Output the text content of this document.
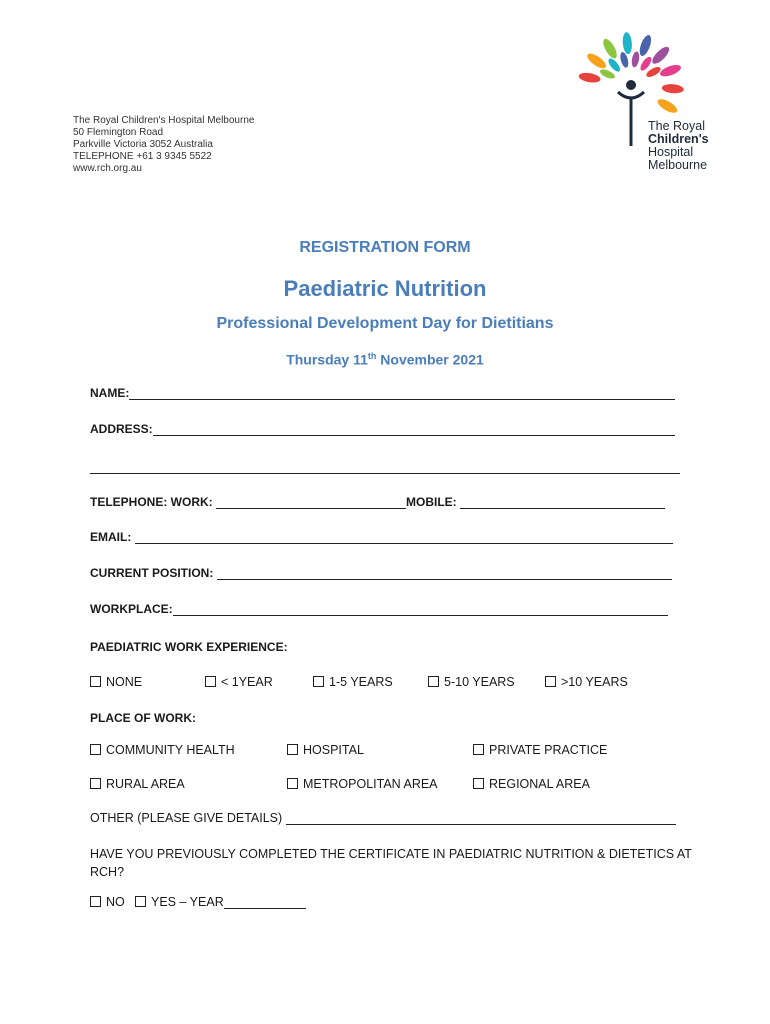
The Royal Children's Hospital Melbourne
50 Flemington Road
Parkville Victoria 3052 Australia
TELEPHONE +61 3 9345 5522
www.rch.org.au
The Royal
Children's
Hospital
Melbourne
REGISTRATION FORM
Paediatric Nutrition
Professional Development Day for Dietitians
Thursday 11th November 2021
NAME:
ADDRESS:
TELEPHONE: WORK:	MOBILE:
EMAIL:
CURRENT POSITION:
WORKPLACE:
PAEDIATRIC WORK EXPERIENCE:
NONE	< 1YEAR	1-5 YEARS	5-10 YEARS	>10 YEARS
PLACE OF WORK:
COMMUNITY HEALTH	HOSPITAL	PRIVATE PRACTICE
RURAL AREA	METROPOLITAN AREA	REGIONAL AREA
OTHER (PLEASE GIVE DETAILS)
HAVE YOU PREVIOUSLY COMPLETED THE CERTIFICATE IN PAEDIATRIC NUTRITION & DIETETICS AT RCH?
NO	YES – YEAR
